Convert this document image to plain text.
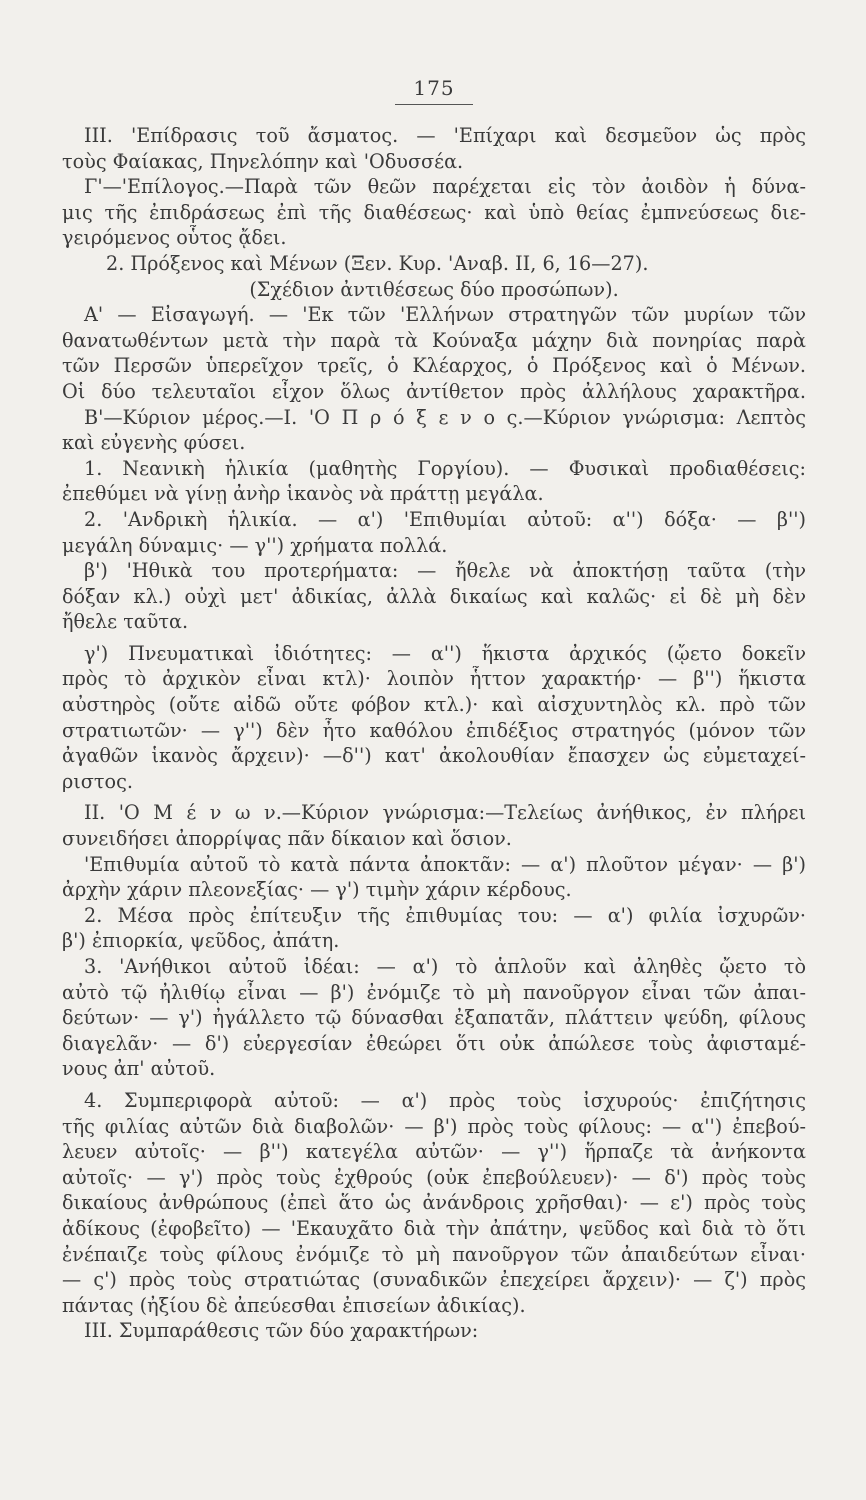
175
III. 'Επίδρασις τοῦ ἄσματος. — 'Επίχαρι καὶ δεσμεῦον ὡς πρὸς
τοὺς Φαίακας, Πηνελόπην καὶ 'Οδυσσέα.
Γ'—'Επίλογος.—Παρὰ τῶν θεῶν παρέχεται εἰς τὸν ἀοιδὸν ἡ δύνα-
μις τῆς ἐπιδράσεως ἐπὶ τῆς διαθέσεως· καὶ ὑπὸ θείας ἐμπνεύσεως διε-
γειρόμενος οὗτος ᾄδει.
2. Πρόξενος καὶ Μένων (Ξεν. Κυρ. 'Αναβ. II, 6, 16—27).
(Σχέδιον ἀντιθέσεως δύο προσώπων).
Α' — Εἰσαγωγή. — 'Εκ τῶν 'Ελλήνων στρατηγῶν τῶν μυρίων τῶν
θανατωθέντων μετὰ τὴν παρὰ τὰ Κούναξα μάχην διὰ πονηρίας παρὰ
τῶν Περσῶν ὑπερεῖχον τρεῖς, ὁ Κλέαρχος, ὁ Πρόξενος καὶ ὁ Μένων.
Οἱ δύο τελευταῖοι εἶχον ὅλως ἀντίθετον πρὸς ἀλλήλους χαρακτῆρα.
Β'—Κύριον μέρος.—I. 'Ο Π ρ ό ξ ε ν ο ς.—Κύριον γνώρισμα: Λεπτὸς
καὶ εὐγενὴς φύσει.
1. Νεανικὴ ἡλικία (μαθητὴς Γοργίου). — Φυσικαὶ προδιαθέσεις:
ἐπεθύμει νὰ γίνῃ ἀνὴρ ἱκανὸς νὰ πράττῃ μεγάλα.
2. 'Ανδρικὴ ἡλικία. — α') 'Επιθυμίαι αὐτοῦ: α'') δόξα· — β'')
μεγάλη δύναμις· — γ'') χρήματα πολλά.
β') 'Ηθικὰ του προτερήματα: — ἤθελε νὰ ἀποκτήσῃ ταῦτα (τὴν
δόξαν κλ.) οὐχὶ μετ' ἀδικίας, ἀλλὰ δικαίως καὶ καλῶς· εἰ δὲ μὴ δὲν
ἤθελε ταῦτα.
γ') Πνευματικαὶ ἰδιότητες: — α'') ἥκιστα ἀρχικός (ᾤετο δοκεῖν
πρὸς τὸ ἀρχικὸν εἶναι κτλ)· λοιπὸν ἧττον χαρακτήρ· — β'') ἥκιστα
αὐστηρὸς (οὔτε αἰδῶ οὔτε φόβον κτλ.)· καὶ αἰσχυντηλὸς κλ. πρὸ τῶν
στρατιωτῶν· — γ'') δὲν ἦτο καθόλου ἐπιδέξιος στρατηγός (μόνον τῶν
ἀγαθῶν ἱκανὸς ἄρχειν)· —δ'') κατ' ἀκολουθίαν ἔπασχεν ὡς εὐμεταχεί-
ριστος.
II. 'Ο Μ έ ν ω ν.—Κύριον γνώρισμα:—Τελείως ἀνήθικος, ἐν πλήρει
συνειδήσει ἀπορρίψας πᾶν δίκαιον καὶ ὅσιον.
'Επιθυμία αὐτοῦ τὸ κατὰ πάντα ἀποκτᾶν: — α') πλοῦτον μέγαν· — β')
ἀρχὴν χάριν πλεονεξίας· — γ') τιμὴν χάριν κέρδους.
2. Μέσα πρὸς ἐπίτευξιν τῆς ἐπιθυμίας του: — α') φιλία ἰσχυρῶν·
β') ἐπιορκία, ψεῦδος, ἀπάτη.
3. 'Ανήθικοι αὐτοῦ ἰδέαι: — α') τὸ ἁπλοῦν καὶ ἀληθὲς ᾤετο τὸ
αὐτὸ τῷ ἠλιθίῳ εἶναι — β') ἐνόμιζε τὸ μὴ πανοῦργον εἶναι τῶν ἀπαι-
δεύτων· — γ') ἠγάλλετο τῷ δύνασθαι ἐξαπατᾶν, πλάττειν ψεύδη, φίλους
διαγελᾶν· — δ') εὐεργεσίαν ἐθεώρει ὅτι οὐκ ἀπώλεσε τοὺς ἀφισταμέ-
νους ἀπ' αὐτοῦ.
4. Συμπεριφορὰ αὐτοῦ: — α') πρὸς τοὺς ἰσχυρούς· ἐπιζήτησις
τῆς φιλίας αὐτῶν διὰ διαβολῶν· — β') πρὸς τοὺς φίλους: — α'') ἐπεβού-
λευεν αὐτοῖς· — β'') κατεγέλα αὐτῶν· — γ'') ἥρπαζε τὰ ἀνήκοντα
αὐτοῖς· — γ') πρὸς τοὺς ἐχθρούς (οὐκ ἐπεβούλευεν)· — δ') πρὸς τοὺς
δικαίους ἀνθρώπους (ἐπεὶ ἅτο ὡς ἀνάνδροις χρῆσθαι)· — ε') πρὸς τοὺς
ἀδίκους (ἐφοβεῖτο) — 'Εκαυχᾶτο διὰ τὴν ἀπάτην, ψεῦδος καὶ διὰ τὸ ὅτι
ἐνέπαιζε τοὺς φίλους ἐνόμιζε τὸ μὴ πανοῦργον τῶν ἀπαιδεύτων εἶναι·
— ς') πρὸς τοὺς στρατιώτας (συναδικῶν ἐπεχείρει ἄρχειν)· — ζ') πρὸς
πάντας (ἠξίου δὲ ἀπεύεσθαι ἐπισείων ἀδικίας).
III. Συμπαράθεσις τῶν δύο χαρακτήρων:
